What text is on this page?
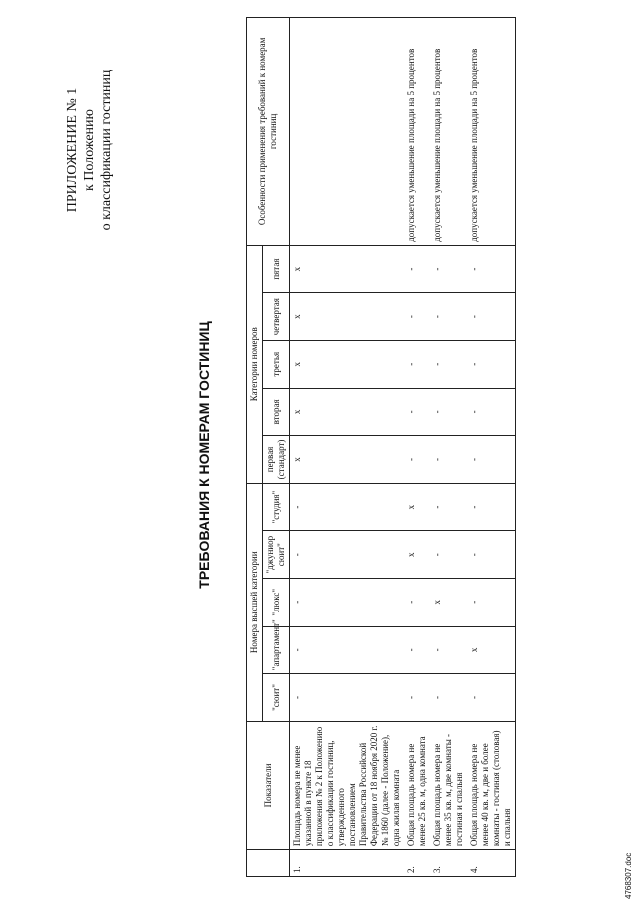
ПРИЛОЖЕНИЕ № 1 к Положению о классификации гостиниц
ТРЕБОВАНИЯ К НОМЕРАМ ГОСТИНИЦ
	Показатели	Номера высшей категории					Категории номеров					Особенности применения требований к номерам гостиниц
		"сюит"	"апартамент"	"люкс"	"джуниор сюит"	"студия"	первая (стандарт)	вторая	третья	четвертая	пятая	
1.	Площадь номера не менее указанной в пункте 18 приложения № 2 к Положению о классификации гостиниц, утвержденного постановлением Правительства Российской Федерации от 18 ноября 2020 г. № 1860 (далее - Положение), одна жилая комната	-	-	-	-	-	x	x	x	x	x	
2.	Общая площадь номера не менее 25 кв. м, одна комната	-	-	-	x	x	-	-	-	-	-	допускается уменьшение площади на 5 процентов
3.	Общая площадь номера не менее 35 кв. м, две комнаты - гостиная и спальня	-	-	x	-	-	-	-	-	-	-	допускается уменьшение площади на 5 процентов
4.	Общая площадь номера не менее 40 кв. м, две и более комнаты - гостиная (столовая) и спальня	-	x	-	-	-	-	-	-	-	-	допускается уменьшение площади на 5 процентов
4768307.doc
